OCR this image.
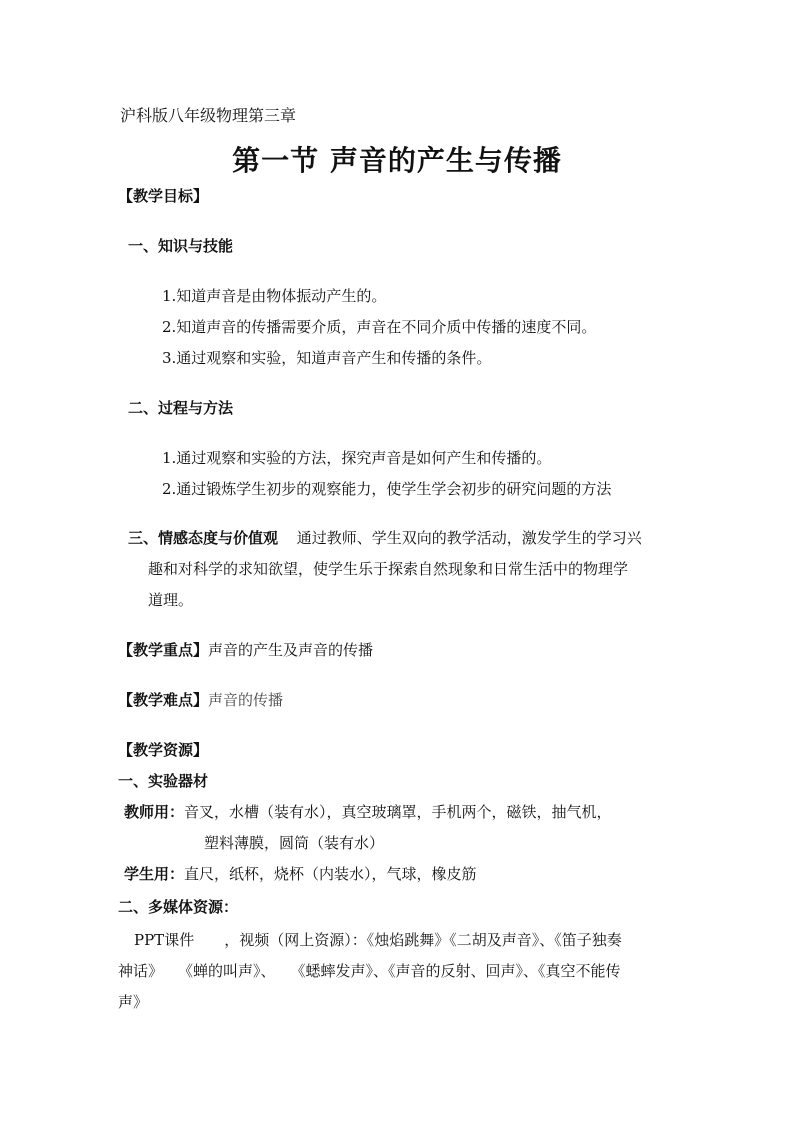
沪科版八年级物理第三章
第一节 声音的产生与传播
【教学目标】
一、知识与技能
1.知道声音是由物体振动产生的。
2.知道声音的传播需要介质，声音在不同介质中传播的速度不同。
3.通过观察和实验，知道声音产生和传播的条件。
二、过程与方法
1.通过观察和实验的方法，探究声音是如何产生和传播的。
2.通过锻炼学生初步的观察能力，使学生学会初步的研究问题的方法
三、情感态度与价值观 通过教师、学生双向的教学活动，激发学生的学习兴
趣和对科学的求知欲望，使学生乐于探索自然现象和日常生活中的物理学
道理。
【教学重点】声音的产生及声音的传播
【教学难点】声音的传播
【教学资源】
一、实验器材
教师用：音叉，水槽（装有水），真空玻璃罩，手机两个，磁铁，抽气机，
塑料薄膜，圆筒（装有水）
学生用：直尺，纸杯，烧杯（内装水），气球，橡皮筋
二、多媒体资源：
PPT课件　　，视频（网上资源）：《烛焰跳舞》《二胡及声音》、《笛子独奏
神话》　　《蝉的叫声》、　　《蟋蟀发声》、《声音的反射、回声》、《真空不能传
声》
